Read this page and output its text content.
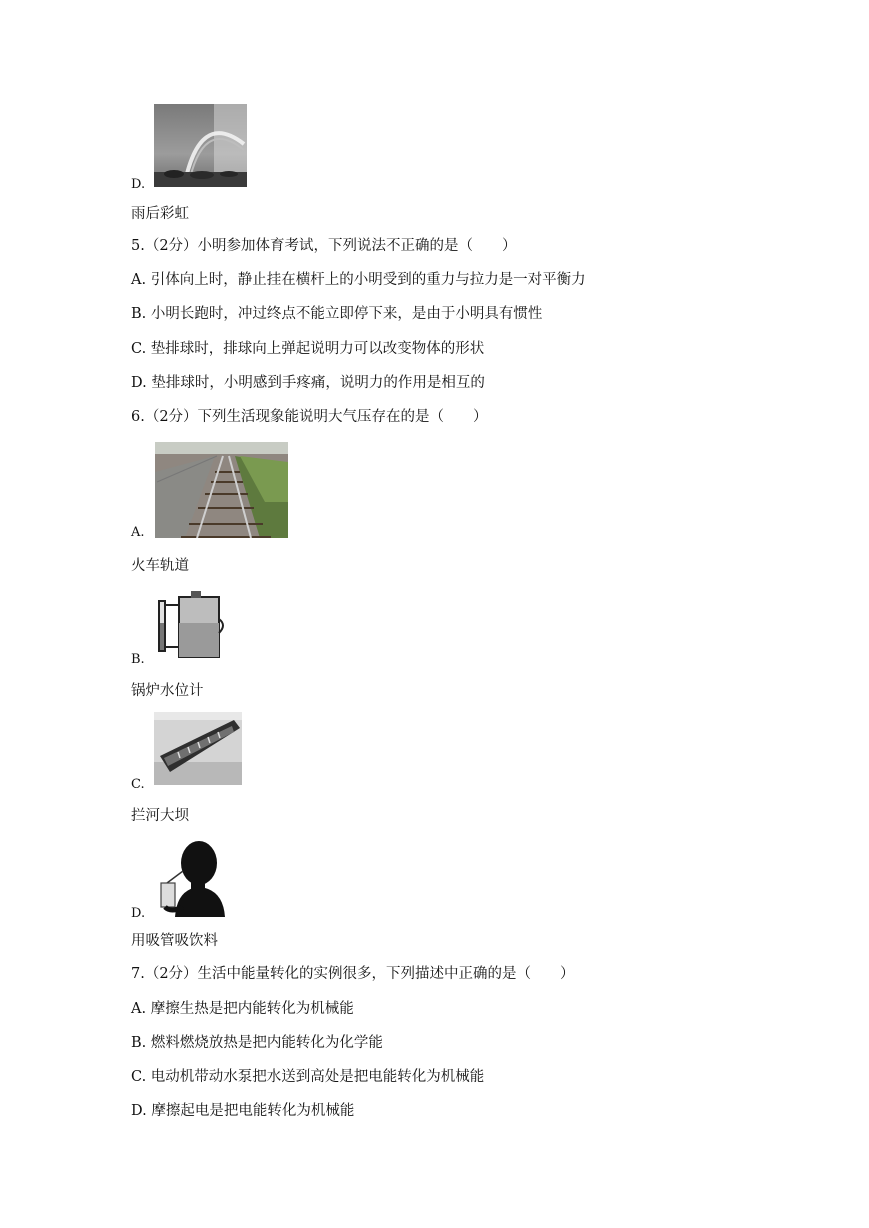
D.
雨后彩虹
5.（2分）小明参加体育考试，下列说法不正确的是（　　）
A. 引体向上时，静止挂在横杆上的小明受到的重力与拉力是一对平衡力
B. 小明长跑时，冲过终点不能立即停下来，是由于小明具有惯性
C. 垫排球时，排球向上弹起说明力可以改变物体的形状
D. 垫排球时，小明感到手疼痛，说明力的作用是相互的
6.（2分）下列生活现象能说明大气压存在的是（　　）
A.
火车轨道
B.
锅炉水位计
C.
拦河大坝
D.
用吸管吸饮料
7.（2分）生活中能量转化的实例很多，下列描述中正确的是（　　）
A. 摩擦生热是把内能转化为机械能
B. 燃料燃烧放热是把内能转化为化学能
C. 电动机带动水泵把水送到高处是把电能转化为机械能
D. 摩擦起电是把电能转化为机械能
